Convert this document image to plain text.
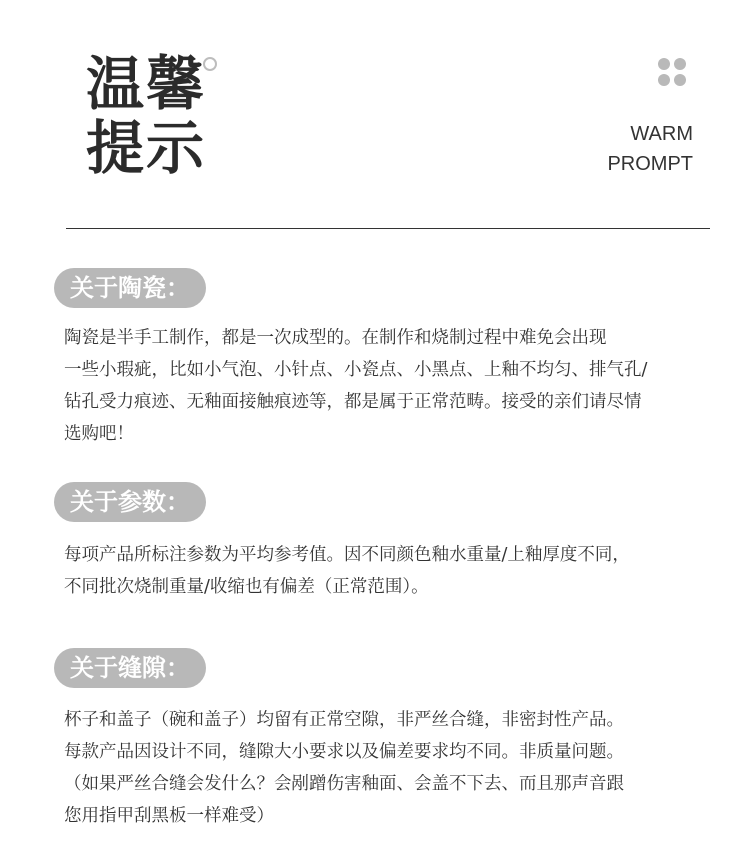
温馨
提示	WARM
PROMPT
关于陶瓷：
陶瓷是半手工制作，都是一次成型的。在制作和烧制过程中难免会出现
一些小瑕疵，比如小气泡、小针点、小瓷点、小黑点、上釉不均匀、排气孔/
钻孔受力痕迹、无釉面接触痕迹等，都是属于正常范畴。接受的亲们请尽情
选购吧！
关于参数：
每项产品所标注参数为平均参考值。因不同颜色釉水重量/上釉厚度不同，
不同批次烧制重量/收缩也有偏差（正常范围）。
关于缝隙：
杯子和盖子（碗和盖子）均留有正常空隙，非严丝合缝，非密封性产品。
每款产品因设计不同，缝隙大小要求以及偏差要求均不同。非质量问题。
（如果严丝合缝会发什么？会剐蹭伤害釉面、会盖不下去、而且那声音跟
您用指甲刮黑板一样难受）
